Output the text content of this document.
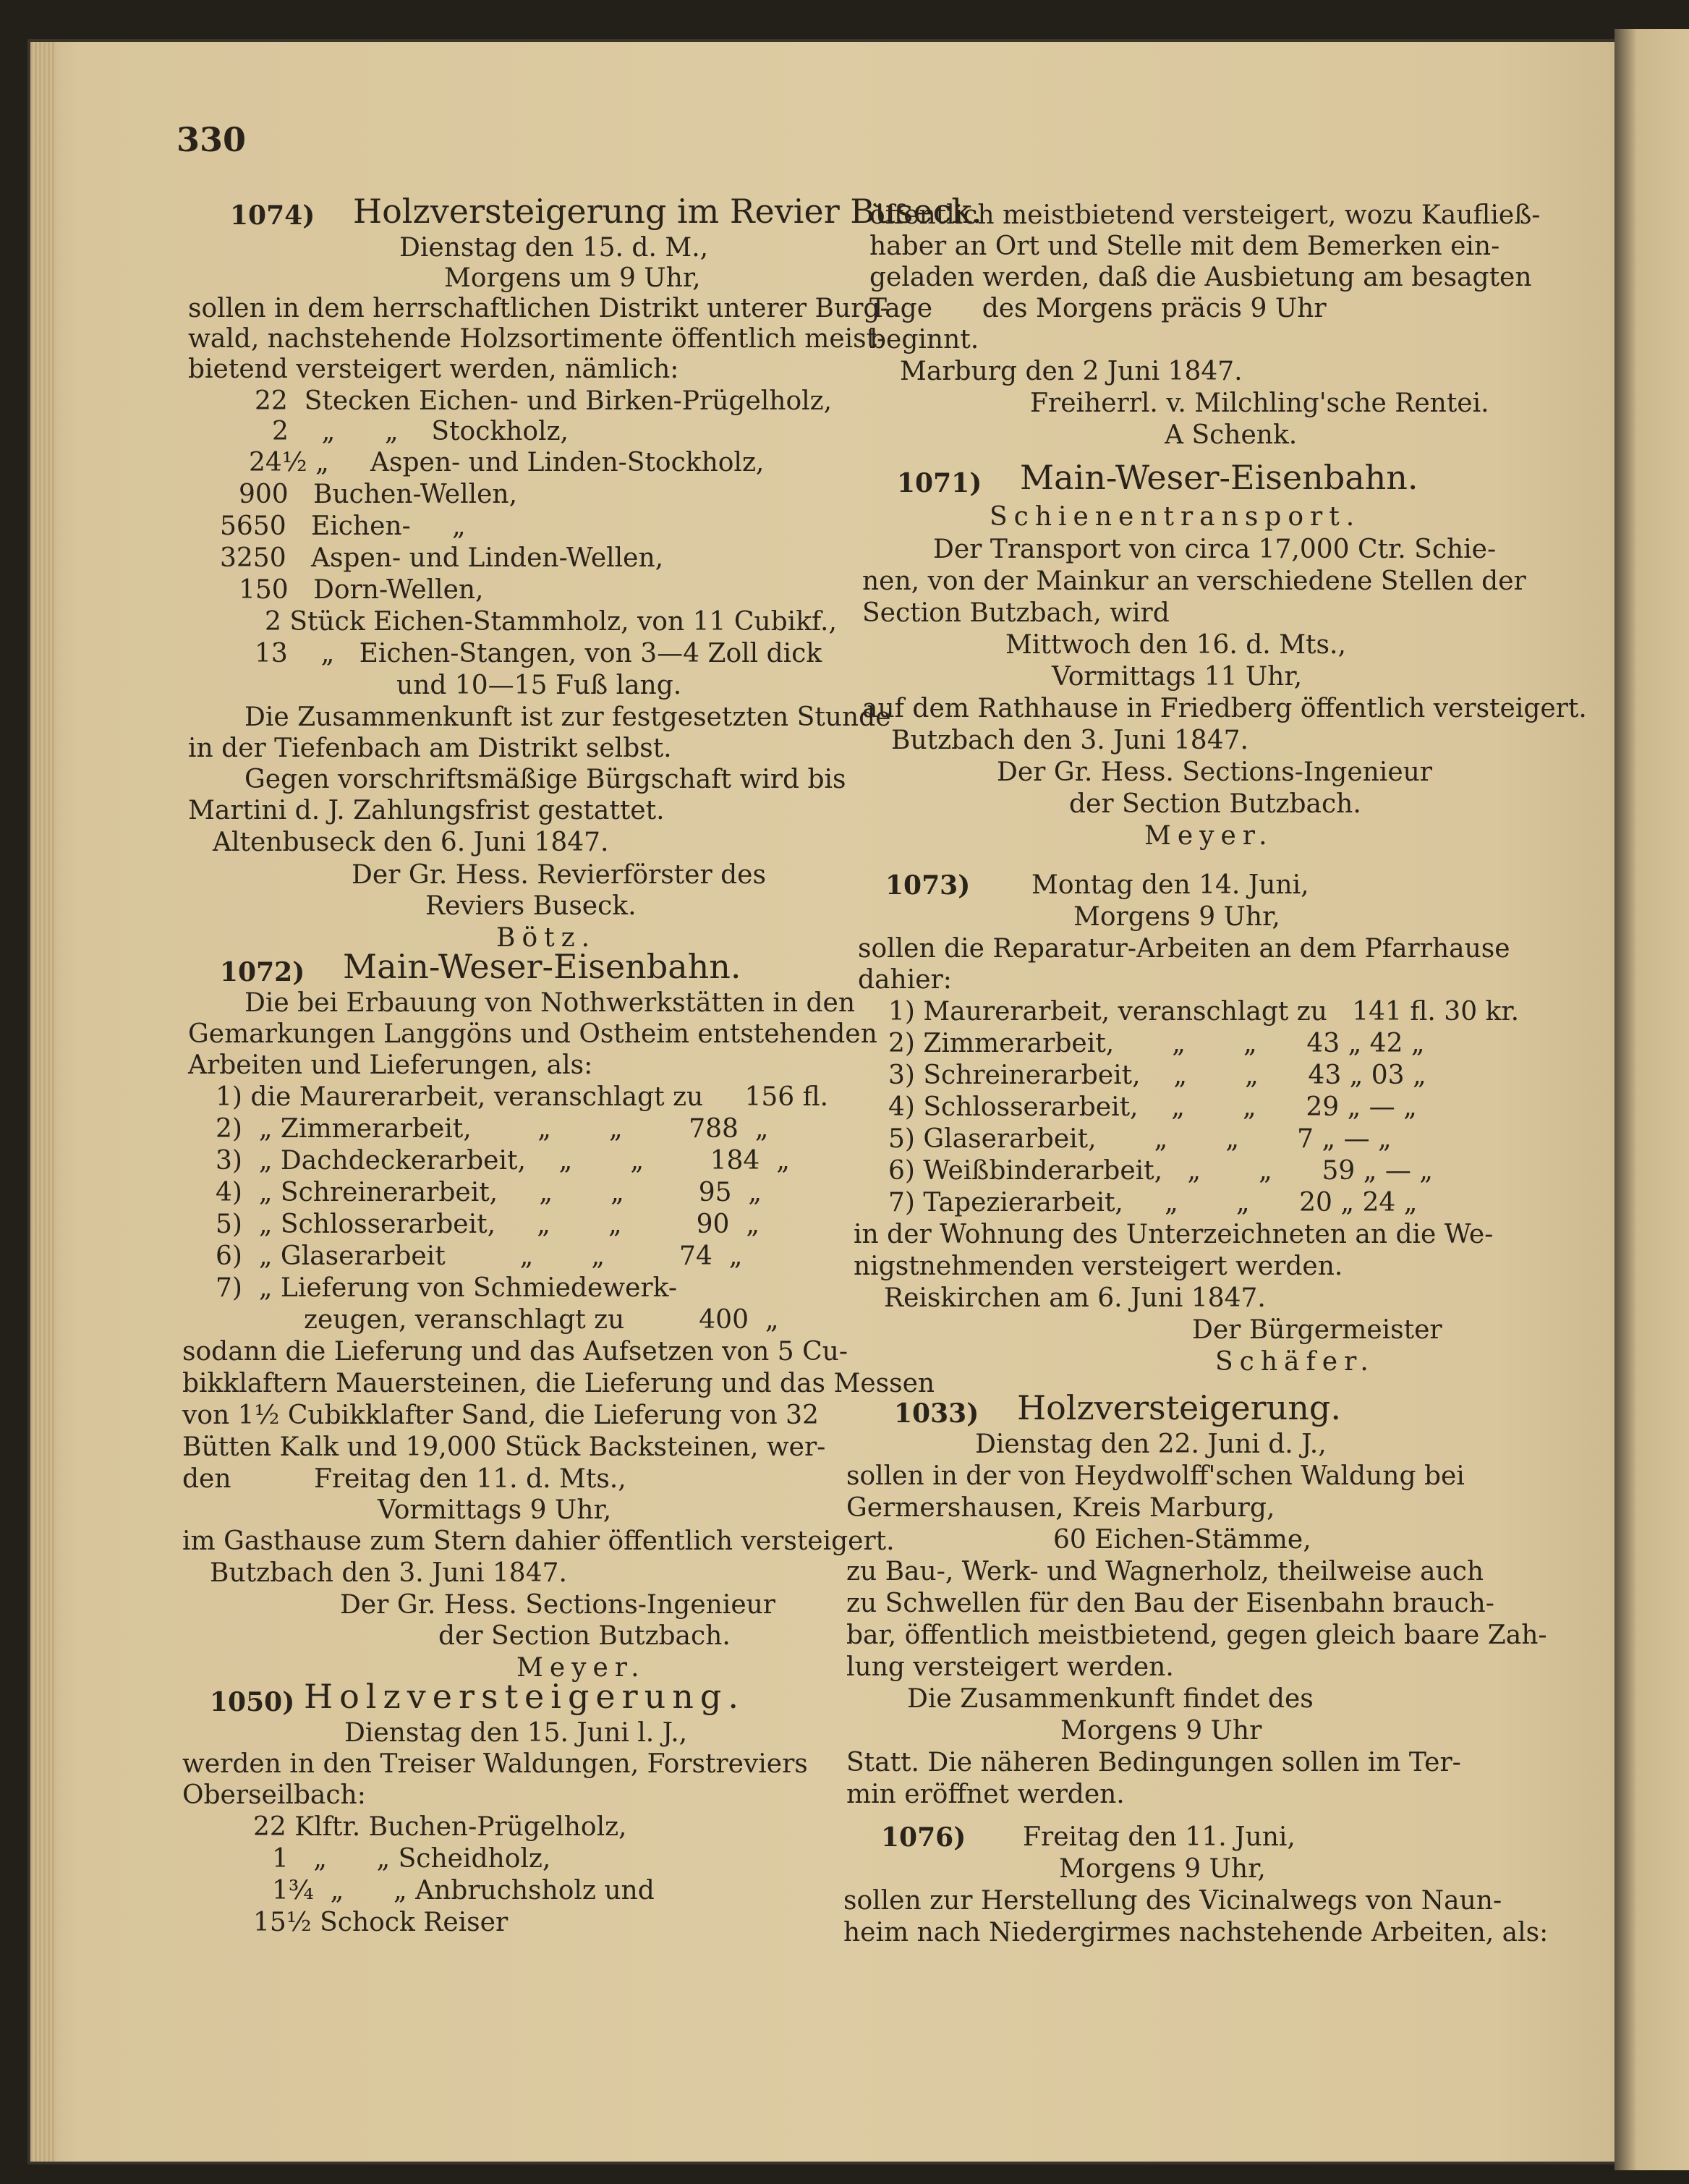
330
1074) Holzversteigerung im Revier Buseck.
Dienstag den 15. d. M.,
Morgens um 9 Uhr,
sollen in dem herrschaftlichen Distrikt unterer Burg-
wald, nachstehende Holzsortimente öffentlich meist-
bietend versteigert werden, nämlich:
22  Stecken Eichen- und Birken-Prügelholz,
2    „      „    Stockholz,
24½ „     Aspen- und Linden-Stockholz,
900   Buchen-Wellen,
5650   Eichen-     „
3250   Aspen- und Linden-Wellen,
150   Dorn-Wellen,
2 Stück Eichen-Stammholz, von 11 Cubikf.,
13    „   Eichen-Stangen, von 3—4 Zoll dick
und 10—15 Fuß lang.
Die Zusammenkunft ist zur festgesetzten Stunde
in der Tiefenbach am Distrikt selbst.
Gegen vorschriftsmäßige Bürgschaft wird bis
Martini d. J. Zahlungsfrist gestattet.
Altenbuseck den 6. Juni 1847.
Der Gr. Hess. Revierförster des
Reviers Buseck.
Bötz.
1072) Main-Weser-Eisenbahn.
Die bei Erbauung von Nothwerkstätten in den
Gemarkungen Langgöns und Ostheim entstehenden
Arbeiten und Lieferungen, als:
1) die Maurerarbeit, veranschlagt zu     156 fl.
2)  „ Zimmerarbeit,        „       „        788  „
3)  „ Dachdeckerarbeit,    „       „        184  „
4)  „ Schreinerarbeit,     „       „         95  „
5)  „ Schlosserarbeit,     „       „         90  „
6)  „ Glaserarbeit         „       „         74  „
7)  „ Lieferung von Schmiedewerk-
zeugen, veranschlagt zu         400  „
sodann die Lieferung und das Aufsetzen von 5 Cu-
bikklaftern Mauersteinen, die Lieferung und das Messen
von 1½ Cubikklafter Sand, die Lieferung von 32
Bütten Kalk und 19,000 Stück Backsteinen, wer-
den          Freitag den 11. d. Mts.,
Vormittags 9 Uhr,
im Gasthause zum Stern dahier öffentlich versteigert.
Butzbach den 3. Juni 1847.
Der Gr. Hess. Sections-Ingenieur
der Section Butzbach.
Meyer.
1050) Holzversteigerung.
Dienstag den 15. Juni l. J.,
werden in den Treiser Waldungen, Forstreviers
Oberseilbach:
22 Klftr. Buchen-Prügelholz,
1   „      „ Scheidholz,
1¾  „      „ Anbruchsholz und
15½ Schock Reiser
öffentlich meistbietend versteigert, wozu Kaufließ-
haber an Ort und Stelle mit dem Bemerken ein-
geladen werden, daß die Ausbietung am besagten
Tage      des Morgens präcis 9 Uhr
beginnt.
Marburg den 2 Juni 1847.
Freiherrl. v. Milchling'sche Rentei.
A Schenk.
1071) Main-Weser-Eisenbahn.
Schienentransport.
Der Transport von circa 17,000 Ctr. Schie-
nen, von der Mainkur an verschiedene Stellen der
Section Butzbach, wird
Mittwoch den 16. d. Mts.,
Vormittags 11 Uhr,
auf dem Rathhause in Friedberg öffentlich versteigert.
Butzbach den 3. Juni 1847.
Der Gr. Hess. Sections-Ingenieur
der Section Butzbach.
Meyer.
1073) Montag den 14. Juni,
Morgens 9 Uhr,
sollen die Reparatur-Arbeiten an dem Pfarrhause
dahier:
1) Maurerarbeit, veranschlagt zu   141 fl. 30 kr.
2) Zimmerarbeit,       „       „      43 „ 42 „
3) Schreinerarbeit,    „       „      43 „ 03 „
4) Schlosserarbeit,    „       „      29 „ — „
5) Glaserarbeit,       „       „       7 „ — „
6) Weißbinderarbeit,   „       „      59 „ — „
7) Tapezierarbeit,     „       „      20 „ 24 „
in der Wohnung des Unterzeichneten an die We-
nigstnehmenden versteigert werden.
Reiskirchen am 6. Juni 1847.
Der Bürgermeister
Schäfer.
1033) Holzversteigerung.
Dienstag den 22. Juni d. J.,
sollen in der von Heydwolff'schen Waldung bei
Germershausen, Kreis Marburg,
60 Eichen-Stämme,
zu Bau-, Werk- und Wagnerholz, theilweise auch
zu Schwellen für den Bau der Eisenbahn brauch-
bar, öffentlich meistbietend, gegen gleich baare Zah-
lung versteigert werden.
Die Zusammenkunft findet des
Morgens 9 Uhr
Statt. Die näheren Bedingungen sollen im Ter-
min eröffnet werden.
1076) Freitag den 11. Juni,
Morgens 9 Uhr,
sollen zur Herstellung des Vicinalwegs von Naun-
heim nach Niedergirmes nachstehende Arbeiten, als:
